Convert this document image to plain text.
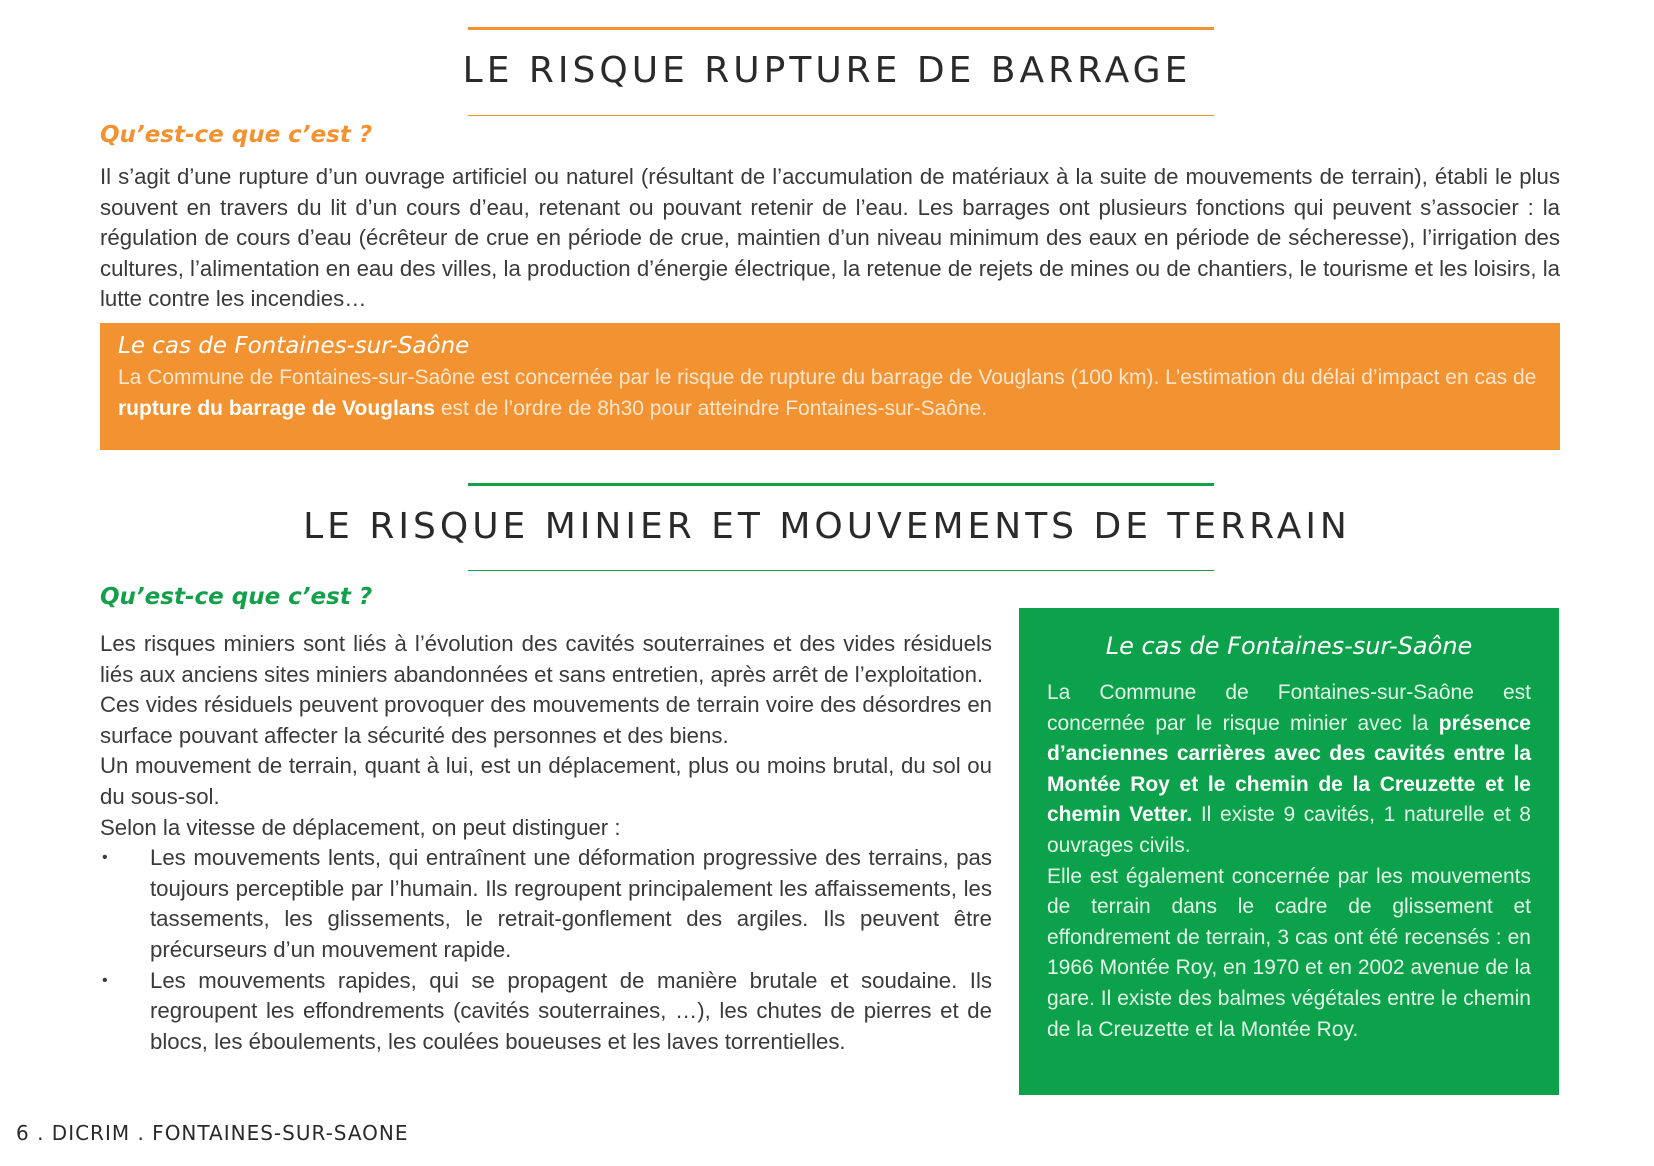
LE RISQUE RUPTURE DE BARRAGE
Qu’est-ce que c’est ?

Il s’agit d’une rupture d’un ouvrage artificiel ou naturel (résultant de l’accumulation de matériaux à la suite de mouvements de terrain), établi le plus souvent en travers du lit d’un cours d’eau, retenant ou pouvant retenir de l’eau. Les barrages ont plusieurs fonctions qui peuvent s’associer : la régulation de cours d’eau (écrêteur de crue en période de crue, maintien d’un niveau minimum des eaux en période de sécheresse), l’irrigation des cultures, l’alimentation en eau des villes, la production d’énergie électrique, la retenue de rejets de mines ou de chantiers, le tourisme et les loisirs, la lutte contre les incendies…

Le cas de Fontaines-sur-Saône

La Commune de Fontaines-sur-Saône est concernée par le risque de rupture du barrage de Vouglans (100 km). L’estimation du délai d’impact en cas de rupture du barrage de Vouglans est de l’ordre de 8h30 pour atteindre Fontaines-sur-Saône.

LE RISQUE MINIER ET MOUVEMENTS DE TERRAIN
Qu’est-ce que c’est ?

Les risques miniers sont liés à l’évolution des cavités souterraines et des vides résiduels liés aux anciens sites miniers abandonnées et sans entretien, après arrêt de l’exploitation.

Ces vides résiduels peuvent provoquer des mouvements de terrain voire des désordres en surface pouvant affecter la sécurité des personnes et des biens.

Un mouvement de terrain, quant à lui, est un déplacement, plus ou moins brutal, du sol ou du sous-sol.

Selon la vitesse de déplacement, on peut distinguer :

• Les mouvements lents, qui entraînent une déformation progressive des terrains, pas toujours perceptible par l’humain. Ils regroupent principalement les affaissements, les tassements, les glissements, le retrait-gonflement des argiles. Ils peuvent être précurseurs d’un mouvement rapide.
• Les mouvements rapides, qui se propagent de manière brutale et soudaine. Ils regroupent les effondrements (cavités souterraines, …), les chutes de pierres et de blocs, les éboulements, les coulées boueuses et les laves torrentielles.
Le cas de Fontaines-sur-Saône

La Commune de Fontaines-sur-Saône est concernée par le risque minier avec la présence d’anciennes carrières avec des cavités entre la Montée Roy et le chemin de la Creuzette et le chemin Vetter. Il existe 9 cavités, 1 naturelle et 8 ouvrages civils.
Elle est également concernée par les mouvements de terrain dans le cadre de glissement et effondrement de terrain, 3 cas ont été recensés : en 1966 Montée Roy, en 1970 et en 2002 avenue de la gare. Il existe des balmes végétales entre le chemin de la Creuzette et la Montée Roy.

6 . DICRIM . FONTAINES-SUR-SAONE
